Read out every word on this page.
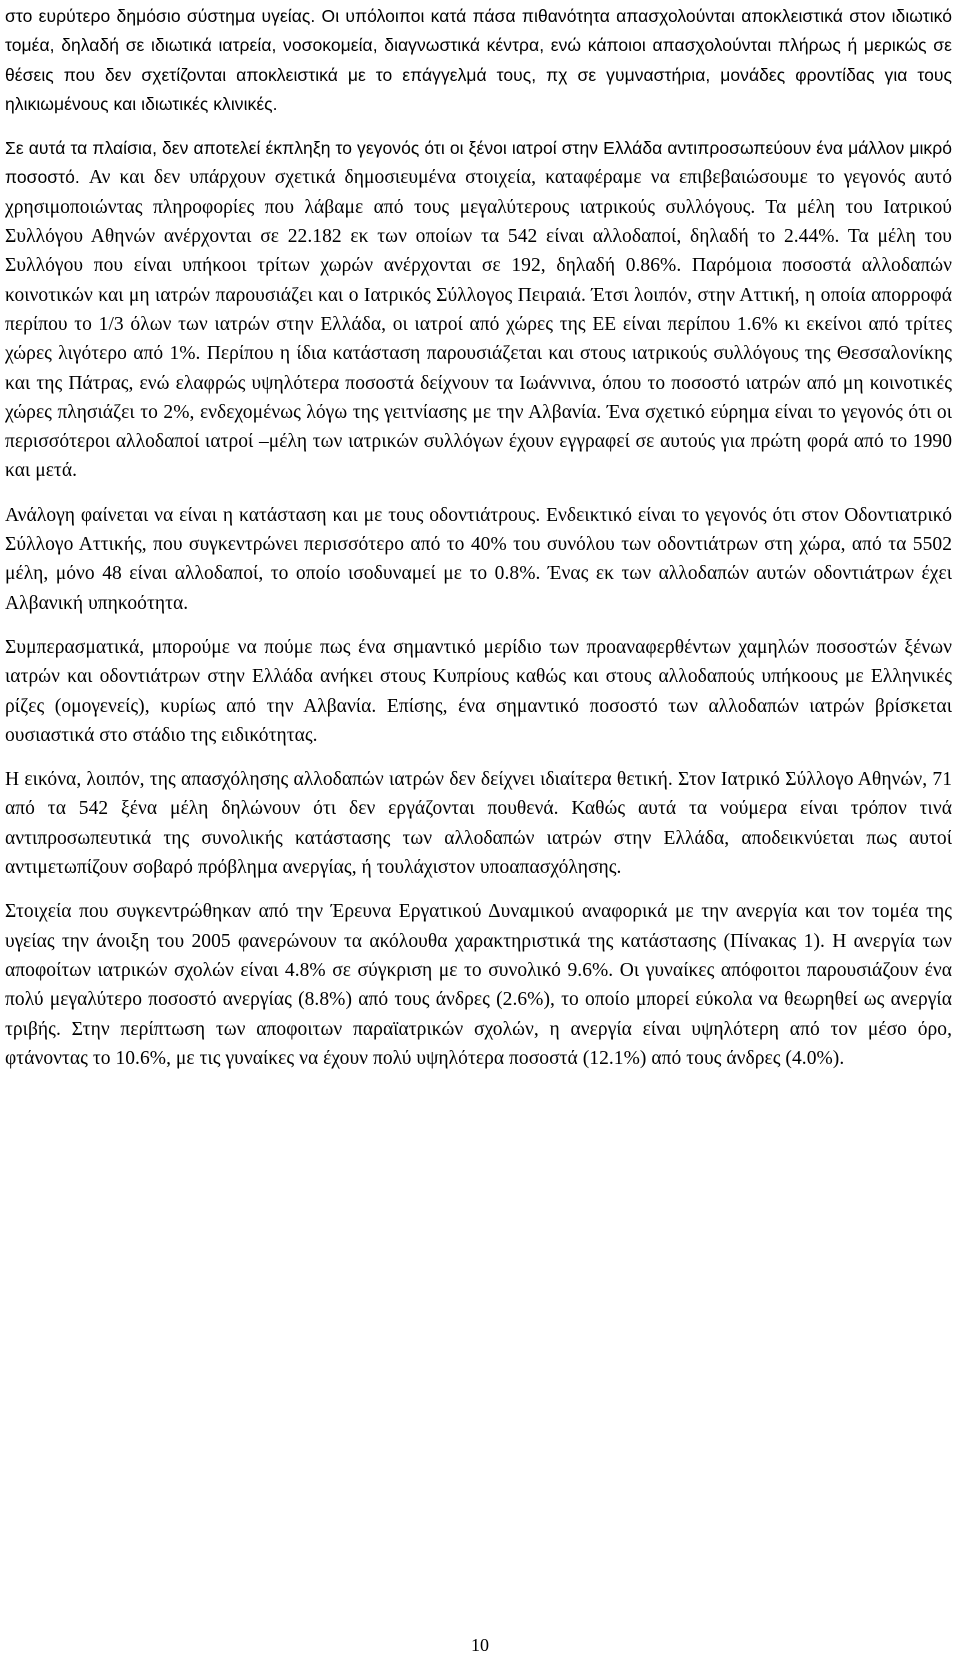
στο ευρύτερο δημόσιο σύστημα υγείας. Οι υπόλοιποι κατά πάσα πιθανότητα απασχολούνται αποκλειστικά στον ιδιωτικό τομέα, δηλαδή σε ιδιωτικά ιατρεία, νοσοκομεία, διαγνωστικά κέντρα, ενώ κάποιοι απασχολούνται πλήρως ή μερικώς σε θέσεις που δεν σχετίζονται αποκλειστικά με το επάγγελμά τους, πχ σε γυμναστήρια, μονάδες φροντίδας για τους ηλικιωμένους και ιδιωτικές κλινικές.

Σε αυτά τα πλαίσια, δεν αποτελεί έκπληξη το γεγονός ότι οι ξένοι ιατροί στην Ελλάδα αντιπροσωπεύουν ένα μάλλον μικρό ποσοστό. Αν και δεν υπάρχουν σχετικά δημοσιευμένα στοιχεία, καταφέραμε να επιβεβαιώσουμε το γεγονός αυτό χρησιμοποιώντας πληροφορίες που λάβαμε από τους μεγαλύτερους ιατρικούς συλλόγους. Τα μέλη του Ιατρικού Συλλόγου Αθηνών ανέρχονται σε 22.182 εκ των οποίων τα 542 είναι αλλοδαποί, δηλαδή το 2.44%. Τα μέλη του Συλλόγου που είναι υπήκοοι τρίτων χωρών ανέρχονται σε 192, δηλαδή 0.86%. Παρόμοια ποσοστά αλλοδαπών κοινοτικών και μη ιατρών παρουσιάζει και ο Ιατρικός Σύλλογος Πειραιά. Έτσι λοιπόν, στην Αττική, η οποία απορροφά περίπου το 1/3 όλων των ιατρών στην Ελλάδα, οι ιατροί από χώρες της ΕΕ είναι περίπου 1.6% κι εκείνοι από τρίτες χώρες λιγότερο από 1%. Περίπου η ίδια κατάσταση παρουσιάζεται και στους ιατρικούς συλλόγους της Θεσσαλονίκης και της Πάτρας, ενώ ελαφρώς υψηλότερα ποσοστά δείχνουν τα Ιωάννινα, όπου το ποσοστό ιατρών από μη κοινοτικές χώρες πλησιάζει το 2%, ενδεχομένως λόγω της γειτνίασης με την Αλβανία. Ένα σχετικό εύρημα είναι το γεγονός ότι οι περισσότεροι αλλοδαποί ιατροί –μέλη των ιατρικών συλλόγων έχουν εγγραφεί σε αυτούς για πρώτη φορά από το 1990 και μετά.

Ανάλογη φαίνεται να είναι η κατάσταση και με τους οδοντιάτρους. Ενδεικτικό είναι το γεγονός ότι στον Οδοντιατρικό Σύλλογο Αττικής, που συγκεντρώνει περισσότερο από το 40% του συνόλου των οδοντιάτρων στη χώρα, από τα 5502 μέλη, μόνο 48 είναι αλλοδαποί, το οποίο ισοδυναμεί με το 0.8%. Ένας εκ των αλλοδαπών αυτών οδοντιάτρων έχει Αλβανική υπηκοότητα.

Συμπερασματικά, μπορούμε να πούμε πως ένα σημαντικό μερίδιο των προαναφερθέντων χαμηλών ποσοστών ξένων ιατρών και οδοντιάτρων στην Ελλάδα ανήκει στους Κυπρίους καθώς και στους αλλοδαπούς υπήκοους με Ελληνικές ρίζες (ομογενείς), κυρίως από την Αλβανία. Επίσης, ένα σημαντικό ποσοστό των αλλοδαπών ιατρών βρίσκεται ουσιαστικά στο στάδιο της ειδικότητας.

Η εικόνα, λοιπόν, της απασχόλησης αλλοδαπών ιατρών δεν δείχνει ιδιαίτερα θετική. Στον Ιατρικό Σύλλογο Αθηνών, 71 από τα 542 ξένα μέλη δηλώνουν ότι δεν εργάζονται πουθενά. Καθώς αυτά τα νούμερα είναι τρόπον τινά αντιπροσωπευτικά της συνολικής κατάστασης των αλλοδαπών ιατρών στην Ελλάδα, αποδεικνύεται πως αυτοί αντιμετωπίζουν σοβαρό πρόβλημα ανεργίας, ή τουλάχιστον υποαπασχόλησης.

Στοιχεία που συγκεντρώθηκαν από την Έρευνα Εργατικού Δυναμικού αναφορικά με την ανεργία και τον τομέα της υγείας την άνοιξη του 2005 φανερώνουν τα ακόλουθα χαρακτηριστικά της κατάστασης (Πίνακας 1). Η ανεργία των αποφοίτων ιατρικών σχολών είναι 4.8% σε σύγκριση με το συνολικό 9.6%. Οι γυναίκες απόφοιτοι παρουσιάζουν ένα πολύ μεγαλύτερο ποσοστό ανεργίας (8.8%) από τους άνδρες (2.6%), το οποίο μπορεί εύκολα να θεωρηθεί ως ανεργία τριβής. Στην περίπτωση των αποφοιτων παραϊατρικών σχολών, η ανεργία είναι υψηλότερη από τον μέσο όρο, φτάνοντας το 10.6%, με τις γυναίκες να έχουν πολύ υψηλότερα ποσοστά (12.1%) από τους άνδρες (4.0%).

10
